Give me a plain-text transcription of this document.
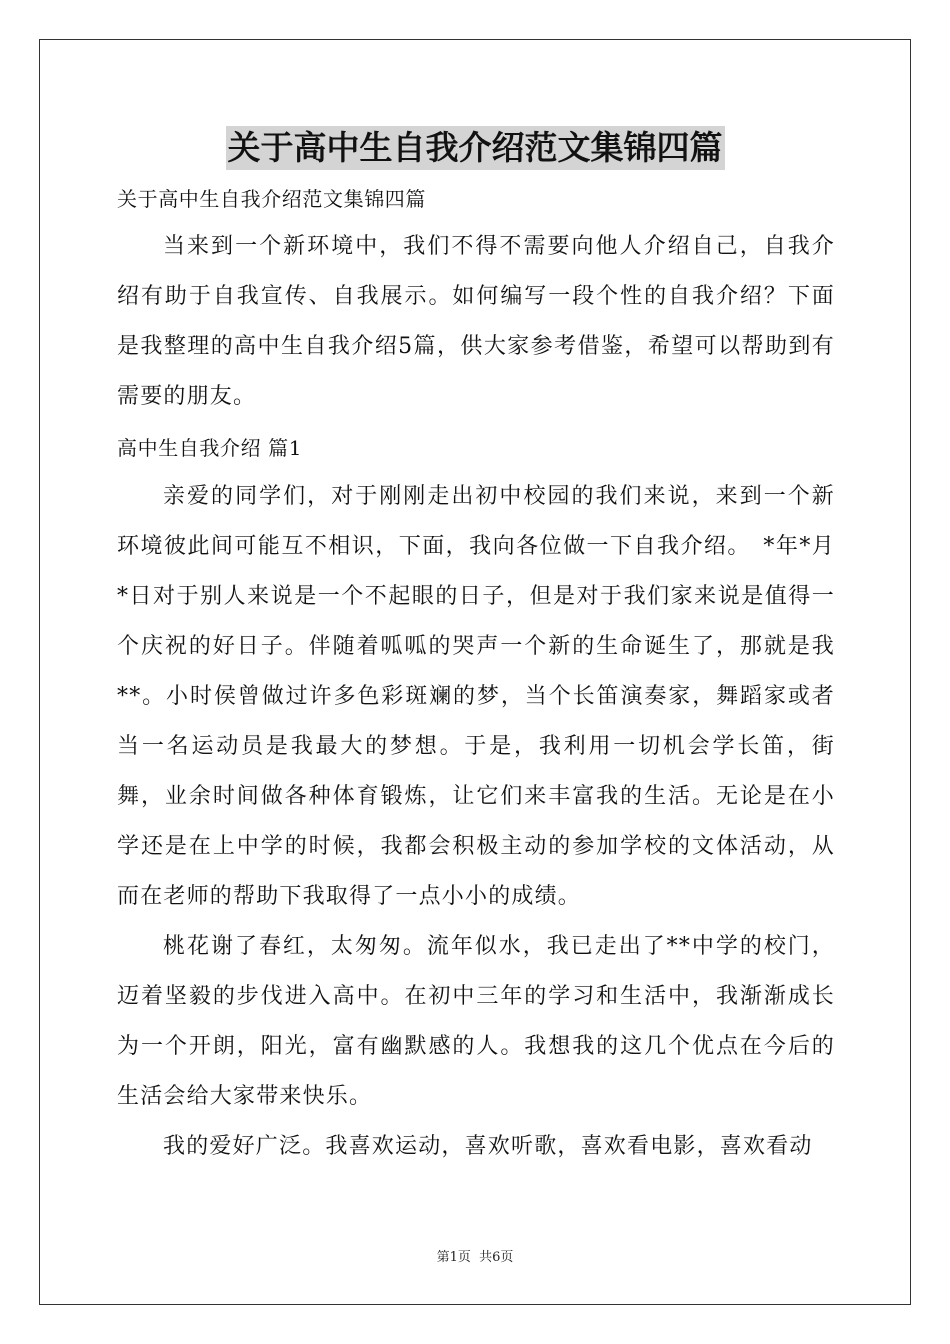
关于高中生自我介绍范文集锦四篇
关于高中生自我介绍范文集锦四篇

当来到一个新环境中，我们不得不需要向他人介绍自己，自我介绍有助于自我宣传、自我展示。如何编写一段个性的自我介绍？下面是我整理的高中生自我介绍5篇，供大家参考借鉴，希望可以帮助到有需要的朋友。

高中生自我介绍 篇1

亲爱的同学们，对于刚刚走出初中校园的我们来说，来到一个新环境彼此间可能互不相识，下面，我向各位做一下自我介绍。　*年*月*日对于别人来说是一个不起眼的日子，但是对于我们家来说是值得一个庆祝的好日子。伴随着呱呱的哭声一个新的生命诞生了，那就是我**。小时侯曾做过许多色彩斑斓的梦，当个长笛演奏家，舞蹈家或者当一名运动员是我最大的梦想。于是，我利用一切机会学长笛，街舞，业余时间做各种体育锻炼，让它们来丰富我的生活。无论是在小学还是在上中学的时候，我都会积极主动的参加学校的文体活动，从而在老师的帮助下我取得了一点小小的成绩。

桃花谢了春红，太匆匆。流年似水，我已走出了**中学的校门，迈着坚毅的步伐进入高中。在初中三年的学习和生活中，我渐渐成长为一个开朗，阳光，富有幽默感的人。我想我的这几个优点在今后的生活会给大家带来快乐。

我的爱好广泛。我喜欢运动，喜欢听歌，喜欢看电影，喜欢看动

第1页 共6页
